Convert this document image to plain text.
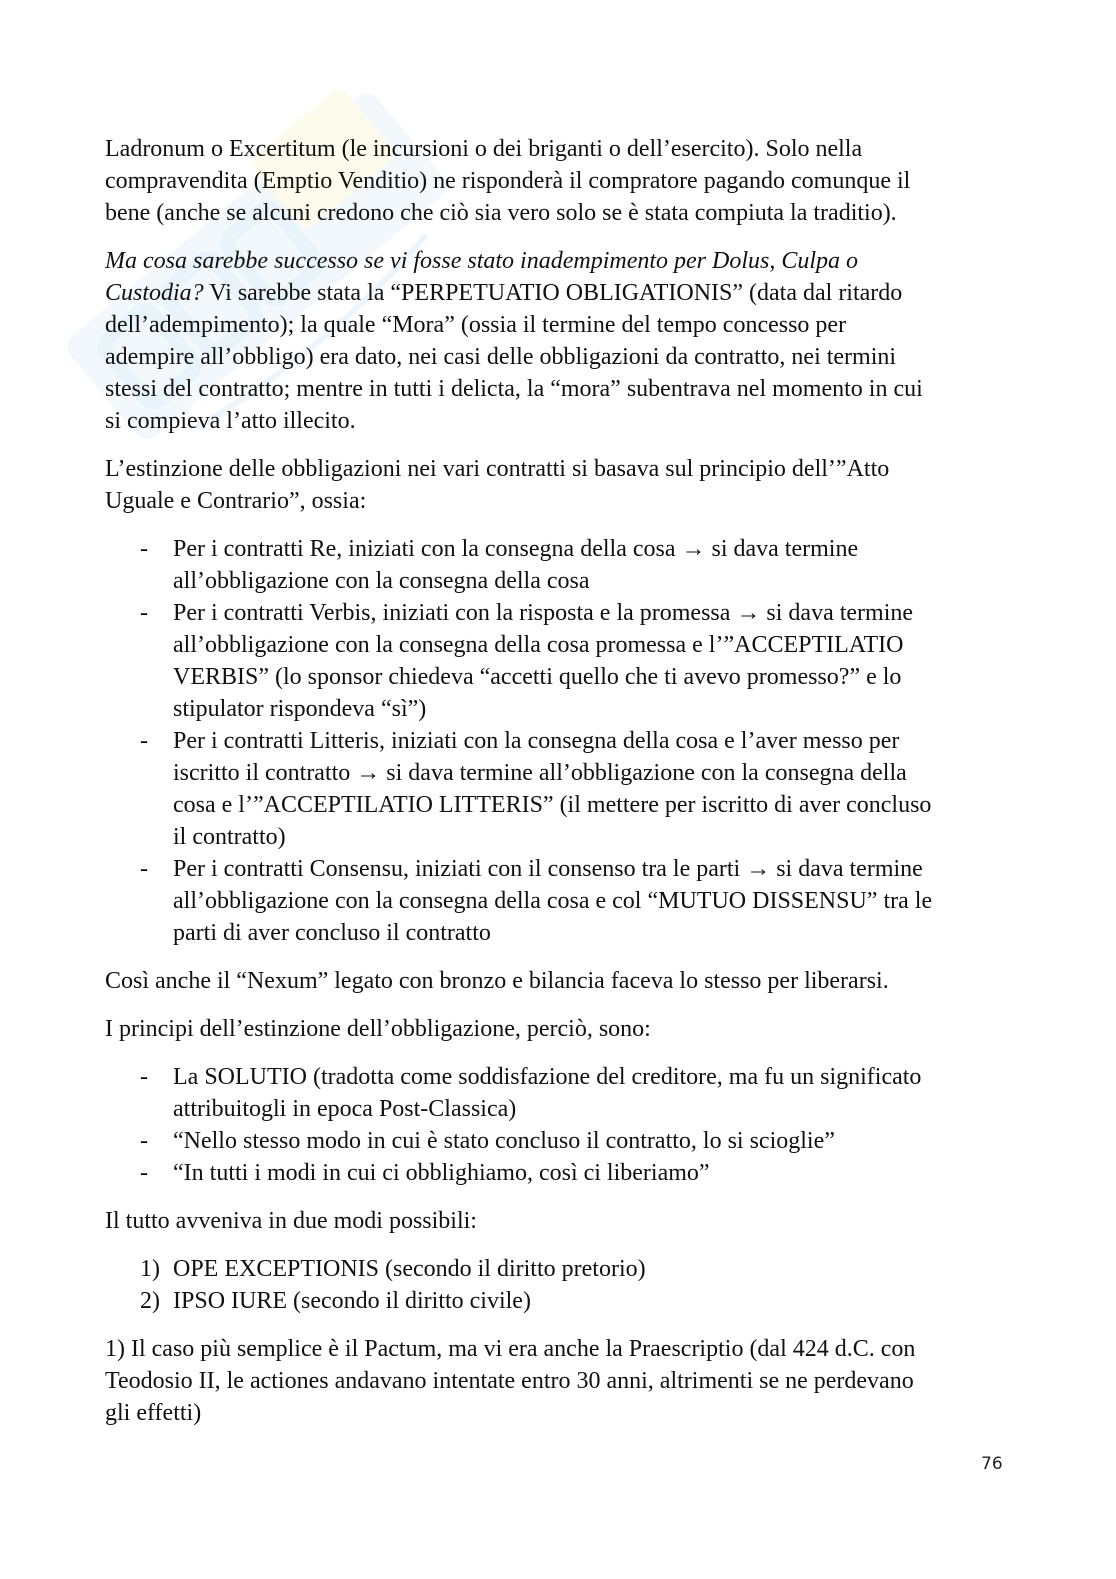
Ladronum o Excertitum (le incursioni o dei briganti o dell’esercito). Solo nella
compravendita (Emptio Venditio) ne risponderà il compratore pagando comunque il
bene (anche se alcuni credono che ciò sia vero solo se è stata compiuta la traditio).
Ma cosa sarebbe successo se vi fosse stato inadempimento per Dolus, Culpa o
Custodia? Vi sarebbe stata la “PERPETUATIO OBLIGATIONIS” (data dal ritardo
dell’adempimento); la quale “Mora” (ossia il termine del tempo concesso per
adempire all’obbligo) era dato, nei casi delle obbligazioni da contratto, nei termini
stessi del contratto; mentre in tutti i delicta, la “mora” subentrava nel momento in cui
si compieva l’atto illecito.
L’estinzione delle obbligazioni nei vari contratti si basava sul principio dell’”Atto
Uguale e Contrario”, ossia:
- Per i contratti Re, iniziati con la consegna della cosa → si dava termine
all’obbligazione con la consegna della cosa
- Per i contratti Verbis, iniziati con la risposta e la promessa → si dava termine
all’obbligazione con la consegna della cosa promessa e l’”ACCEPTILATIO
VERBIS” (lo sponsor chiedeva “accetti quello che ti avevo promesso?” e lo
stipulator rispondeva “sì”)
- Per i contratti Litteris, iniziati con la consegna della cosa e l’aver messo per
iscritto il contratto → si dava termine all’obbligazione con la consegna della
cosa e l’”ACCEPTILATIO LITTERIS” (il mettere per iscritto di aver concluso
il contratto)
- Per i contratti Consensu, iniziati con il consenso tra le parti → si dava termine
all’obbligazione con la consegna della cosa e col “MUTUO DISSENSU” tra le
parti di aver concluso il contratto
Così anche il “Nexum” legato con bronzo e bilancia faceva lo stesso per liberarsi.
I principi dell’estinzione dell’obbligazione, perciò, sono:
- La SOLUTIO (tradotta come soddisfazione del creditore, ma fu un significato
attribuitogli in epoca Post-Classica)
- “Nello stesso modo in cui è stato concluso il contratto, lo si scioglie”
- “In tutti i modi in cui ci obblighiamo, così ci liberiamo”
Il tutto avveniva in due modi possibili:
1) OPE EXCEPTIONIS (secondo il diritto pretorio)
2) IPSO IURE (secondo il diritto civile)
1) Il caso più semplice è il Pactum, ma vi era anche la Praescriptio (dal 424 d.C. con
Teodosio II, le actiones andavano intentate entro 30 anni, altrimenti se ne perdevano
gli effetti)
76
